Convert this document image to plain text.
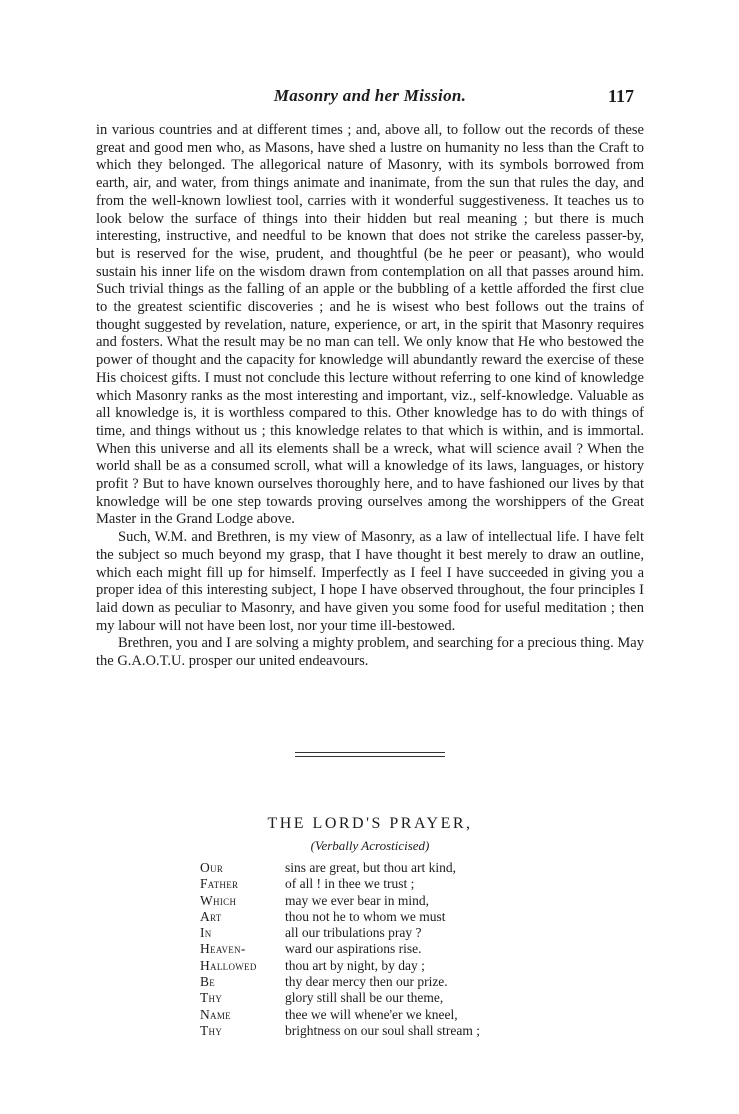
Masonry and her Mission.	117

in various countries and at different times ; and, above all, to follow out the records of these great and good men who, as Masons, have shed a lustre on humanity no less than the Craft to which they belonged. The allegorical nature of Masonry, with its symbols borrowed from earth, air, and water, from things animate and inanimate, from the sun that rules the day, and from the well-known lowliest tool, carries with it wonderful suggestiveness. It teaches us to look below the surface of things into their hidden but real meaning ; but there is much interesting, instructive, and needful to be known that does not strike the careless passer-by, but is reserved for the wise, prudent, and thoughtful (be he peer or peasant), who would sustain his inner life on the wisdom drawn from contemplation on all that passes around him. Such trivial things as the falling of an apple or the bubbling of a kettle afforded the first clue to the greatest scientific discoveries ; and he is wisest who best follows out the trains of thought suggested by revelation, nature, experience, or art, in the spirit that Masonry requires and fosters. What the result may be no man can tell. We only know that He who bestowed the power of thought and the capacity for knowledge will abundantly reward the exercise of these His choicest gifts. I must not conclude this lecture without referring to one kind of knowledge which Masonry ranks as the most interesting and important, viz., self-knowledge. Valuable as all knowledge is, it is worthless compared to this. Other knowledge has to do with things of time, and things without us ; this knowledge relates to that which is within, and is immortal. When this universe and all its elements shall be a wreck, what will science avail ? When the world shall be as a consumed scroll, what will a knowledge of its laws, languages, or history profit ? But to have known ourselves thoroughly here, and to have fashioned our lives by that knowledge will be one step towards proving ourselves among the worshippers of the Great Master in the Grand Lodge above.

Such, W.M. and Brethren, is my view of Masonry, as a law of intellectual life. I have felt the subject so much beyond my grasp, that I have thought it best merely to draw an outline, which each might fill up for himself. Imperfectly as I feel I have succeeded in giving you a proper idea of this interesting subject, I hope I have observed throughout, the four principles I laid down as peculiar to Masonry, and have given you some food for useful meditation ; then my labour will not have been lost, nor your time ill-bestowed.

Brethren, you and I are solving a mighty problem, and searching for a precious thing. May the G.A.O.T.U. prosper our united endeavours.

THE LORD'S PRAYER,
(Verbally Acrosticised)
Our	sins are great, but thou art kind,
Father	of all ! in thee we trust ;
Which	may we ever bear in mind,
Art	thou not he to whom we must
In	all our tribulations pray ?
Heaven-	ward our aspirations rise.
Hallowed	thou art by night, by day ;
Be	thy dear mercy then our prize.
Thy	glory still shall be our theme,
Name	thee we will whene'er we kneel,
Thy	brightness on our soul shall stream ;
